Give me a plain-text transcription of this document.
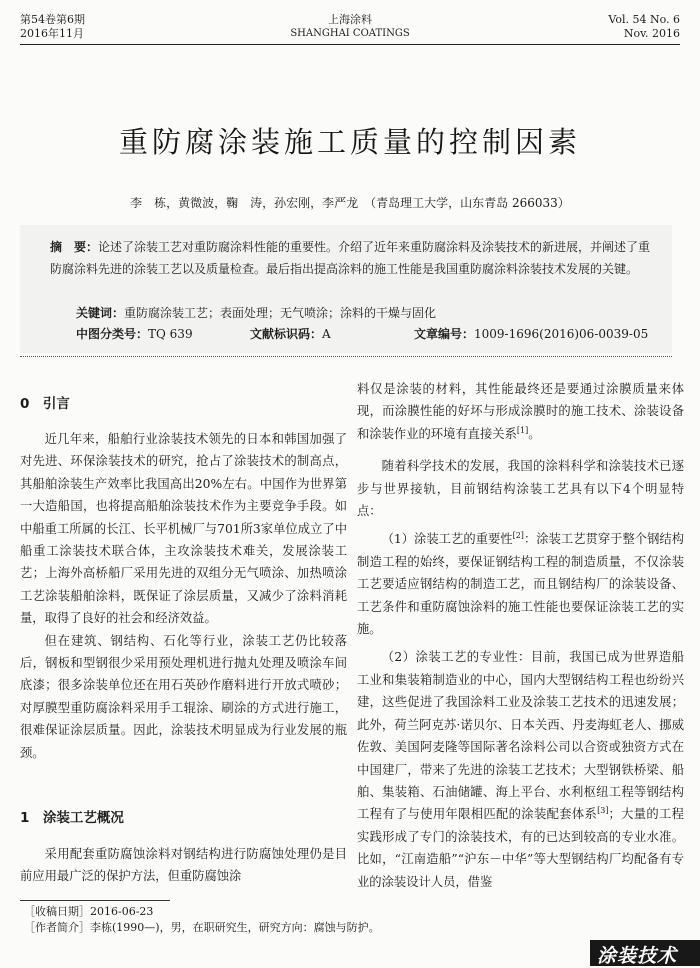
第54卷第6期
2016年11月
上海涂料
SHANGHAI COATINGS
Vol. 54 No. 6
Nov. 2016
重防腐涂装施工质量的控制因素
李　栋，黄微波，鞠　涛，孙宏刚，李严龙　（青岛理工大学，山东青岛 266033）
摘　要：论述了涂装工艺对重防腐涂料性能的重要性。介绍了近年来重防腐涂料及涂装技术的新进展，并阐述了重防腐涂料先进的涂装工艺以及质量检查。最后指出提高涂料的施工性能是我国重防腐涂料涂装技术发展的关键。
关键词：重防腐涂装工艺；表面处理；无气喷涂；涂料的干燥与固化
中图分类号：TQ 639	文献标识码：A	文章编号：1009-1696(2016)06-0039-05
0　引言

近几年来，船舶行业涂装技术领先的日本和韩国加强了对先进、环保涂装技术的研究，抢占了涂装技术的制高点，其船舶涂装生产效率比我国高出20%左右。中国作为世界第一大造船国，也将提高船舶涂装技术作为主要竞争手段。如中船重工所属的长江、长平机械厂与701所3家单位成立了中船重工涂装技术联合体，主攻涂装技术难关，发展涂装工艺；上海外高桥船厂采用先进的双组分无气喷涂、加热喷涂工艺涂装船舶涂料，既保证了涂层质量，又减少了涂料消耗量，取得了良好的社会和经济效益。

但在建筑、钢结构、石化等行业，涂装工艺仍比较落后，钢板和型钢很少采用预处理机进行抛丸处理及喷涂车间底漆；很多涂装单位还在用石英砂作磨料进行开放式喷砂；对厚膜型重防腐涂料采用手工辊涂、刷涂的方式进行施工，很难保证涂层质量。因此，涂装技术明显成为行业发展的瓶颈。

1　涂装工艺概况

采用配套重防腐蚀涂料对钢结构进行防腐蚀处理仍是目前应用最广泛的保护方法，但重防腐蚀涂

料仅是涂装的材料，其性能最终还是要通过涂膜质量来体现，而涂膜性能的好坏与形成涂膜时的施工技术、涂装设备和涂装作业的环境有直接关系[1]。

随着科学技术的发展，我国的涂料科学和涂装技术已逐步与世界接轨，目前钢结构涂装工艺具有以下4个明显特点：

（1）涂装工艺的重要性[2]：涂装工艺贯穿于整个钢结构制造工程的始终，要保证钢结构工程的制造质量，不仅涂装工艺要适应钢结构的制造工艺，而且钢结构厂的涂装设备、工艺条件和重防腐蚀涂料的施工性能也要保证涂装工艺的实施。

（2）涂装工艺的专业性：目前，我国已成为世界造船工业和集装箱制造业的中心，国内大型钢结构工程也纷纷兴建，这些促进了我国涂料工业及涂装工艺技术的迅速发展；此外，荷兰阿克苏·诺贝尔、日本关西、丹麦海虹老人、挪威佐敦、美国阿麦隆等国际著名涂料公司以合资或独资方式在中国建厂，带来了先进的涂装工艺技术；大型钢铁桥梁、船舶、集装箱、石油储罐、海上平台、水利枢纽工程等钢结构工程有了与使用年限相匹配的涂装配套体系[3]；大量的工程实践形成了专门的涂装技术，有的已达到较高的专业水准。比如，“江南造船”“沪东－中华”等大型钢结构厂均配备有专业的涂装设计人员，借鉴

［收稿日期］2016-06-23
［作者简介］李栋(1990—)，男，在职研究生，研究方向：腐蚀与防护。
涂装技术
